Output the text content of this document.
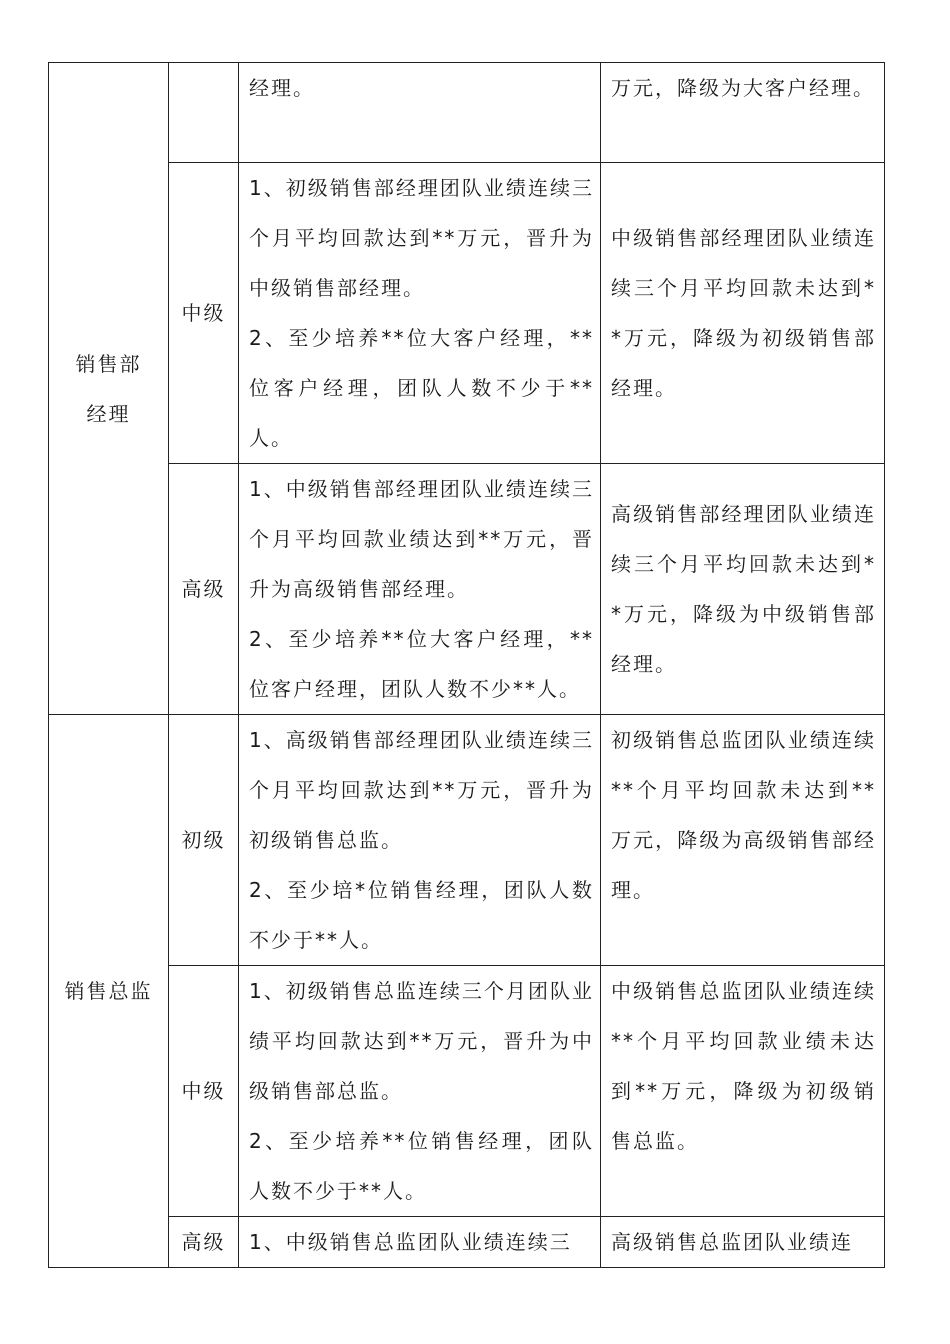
销售部经理		经理。	万元，降级为大客户经理。
	中级	1、初级销售部经理团队业绩连续三个月平均回款达到**万元，晋升为中级销售部经理。
2、至少培养**位大客户经理，**位客户经理，团队人数不少于**人。	中级销售部经理团队业绩连续三个月平均回款未达到**万元，降级为初级销售部经理。
	高级	1、中级销售部经理团队业绩连续三个月平均回款业绩达到**万元，晋升为高级销售部经理。
2、至少培养**位大客户经理，**位客户经理，团队人数不少**人。	高级销售部经理团队业绩连续三个月平均回款未达到**万元，降级为中级销售部经理。
销售总监	初级	1、高级销售部经理团队业绩连续三个月平均回款达到**万元，晋升为初级销售总监。
2、至少培*位销售经理，团队人数不少于**人。	初级销售总监团队业绩连续**个月平均回款未达到**万元，降级为高级销售部经理。
	中级	1、初级销售总监连续三个月团队业绩平均回款达到**万元，晋升为中级销售部总监。
2、至少培养**位销售经理，团队人数不少于**人。	中级销售总监团队业绩连续**个月平均回款业绩未达到**万元，降级为初级销售总监。
	高级	1、中级销售总监团队业绩连续三	高级销售总监团队业绩连
